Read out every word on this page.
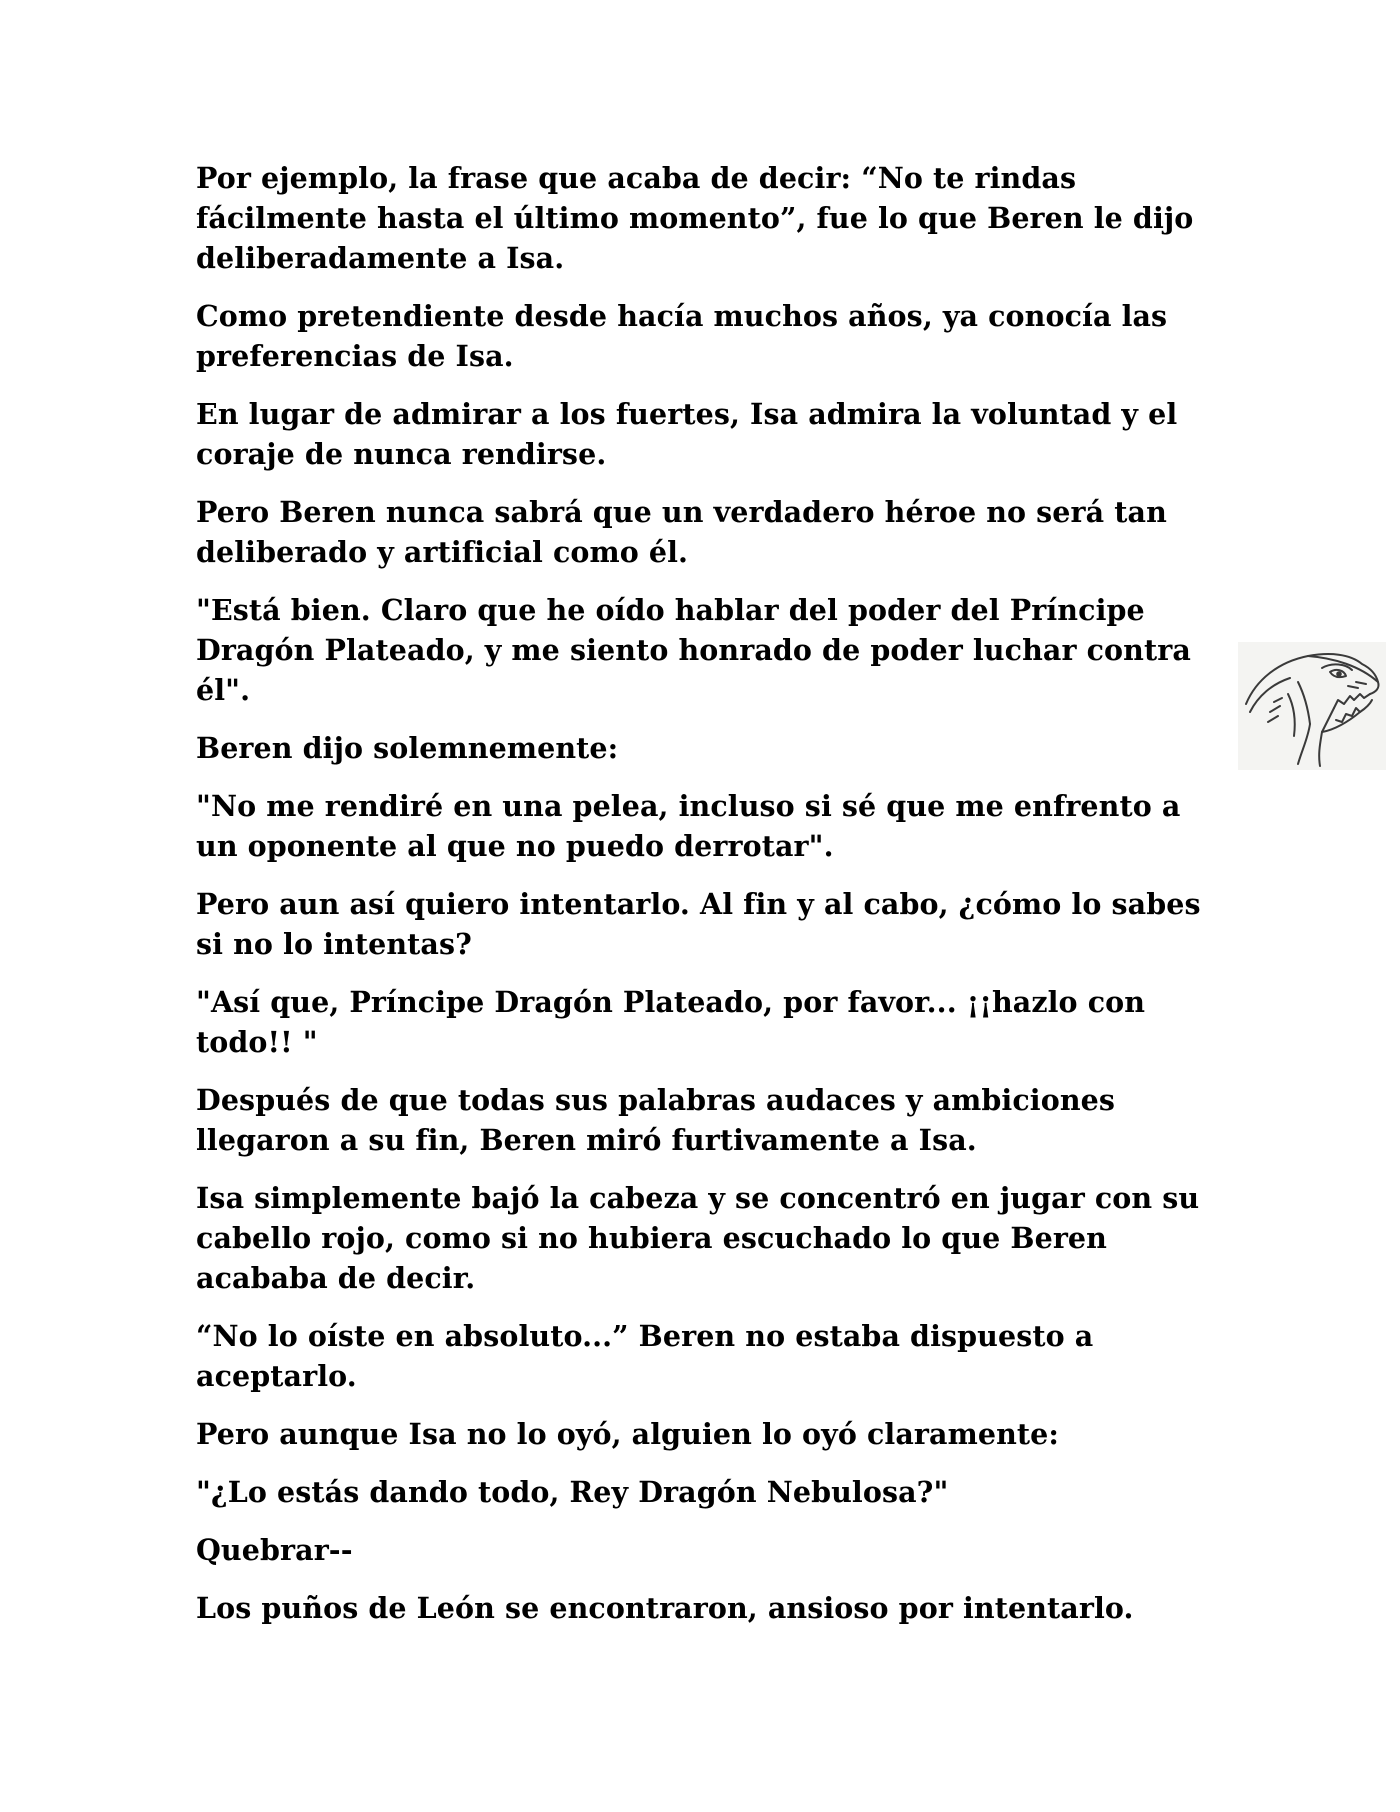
Por ejemplo, la frase que acaba de decir: “No te rindas fácilmente hasta el último momento”, fue lo que Beren le dijo deliberadamente a Isa.

Como pretendiente desde hacía muchos años, ya conocía las preferencias de Isa.

En lugar de admirar a los fuertes, Isa admira la voluntad y el coraje de nunca rendirse.

Pero Beren nunca sabrá que un verdadero héroe no será tan deliberado y artificial como él.

"Está bien. Claro que he oído hablar del poder del Príncipe Dragón Plateado, y me siento honrado de poder luchar contra él".

Beren dijo solemnemente:

"No me rendiré en una pelea, incluso si sé que me enfrento a un oponente al que no puedo derrotar".

Pero aun así quiero intentarlo. Al fin y al cabo, ¿cómo lo sabes si no lo intentas?

"Así que, Príncipe Dragón Plateado, por favor... ¡¡hazlo con todo!! "

Después de que todas sus palabras audaces y ambiciones llegaron a su fin, Beren miró furtivamente a Isa.

Isa simplemente bajó la cabeza y se concentró en jugar con su cabello rojo, como si no hubiera escuchado lo que Beren acababa de decir.

“No lo oíste en absoluto...” Beren no estaba dispuesto a aceptarlo.

Pero aunque Isa no lo oyó, alguien lo oyó claramente:

"¿Lo estás dando todo, Rey Dragón Nebulosa?"

Quebrar--

Los puños de León se encontraron, ansioso por intentarlo.
